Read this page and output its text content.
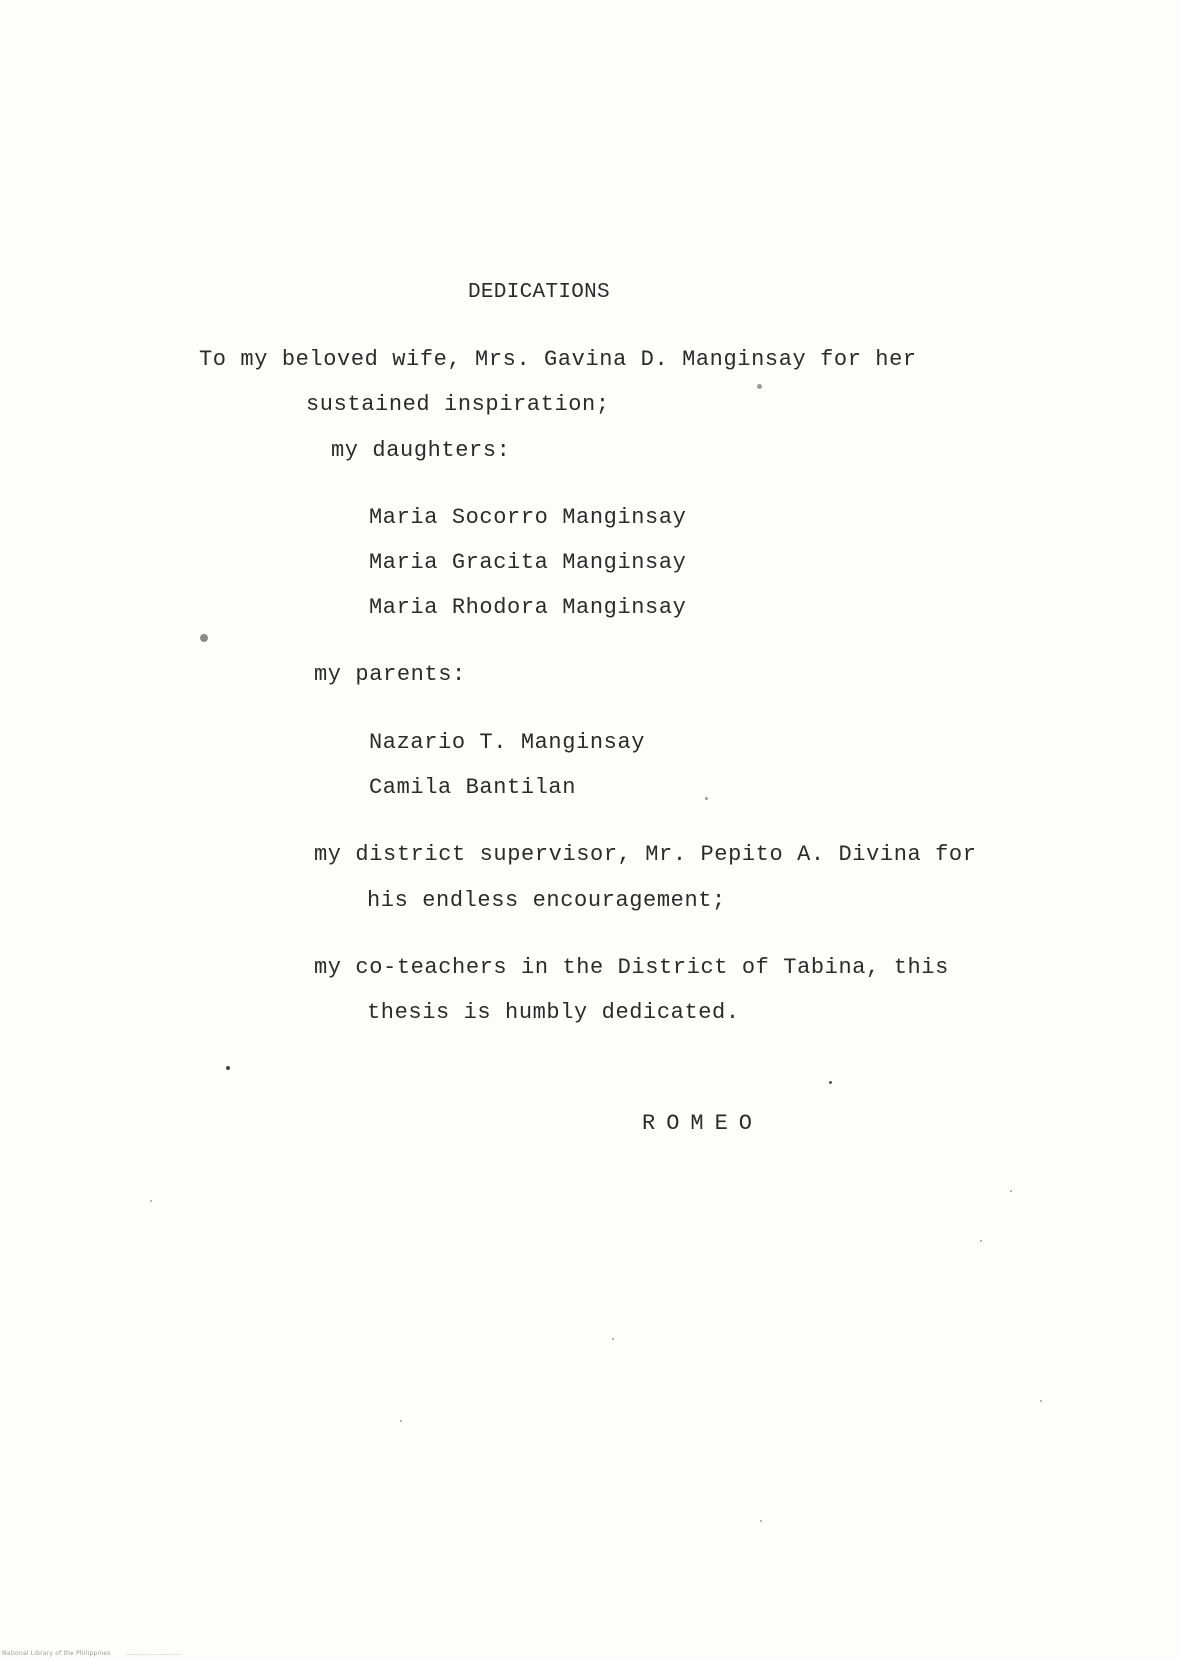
DEDICATIONS
To my beloved wife, Mrs. Gavina D. Manginsay for her
sustained inspiration;
my daughters:
Maria Socorro Manginsay
Maria Gracita Manginsay
Maria Rhodora Manginsay
my parents:
Nazario T. Manginsay
Camila Bantilan
my district supervisor, Mr. Pepito A. Divina for
his endless encouragement;
my co-teachers in the District of Tabina, this
thesis is humbly dedicated.
ROMEO
National Library of the Philippines       ………………………
